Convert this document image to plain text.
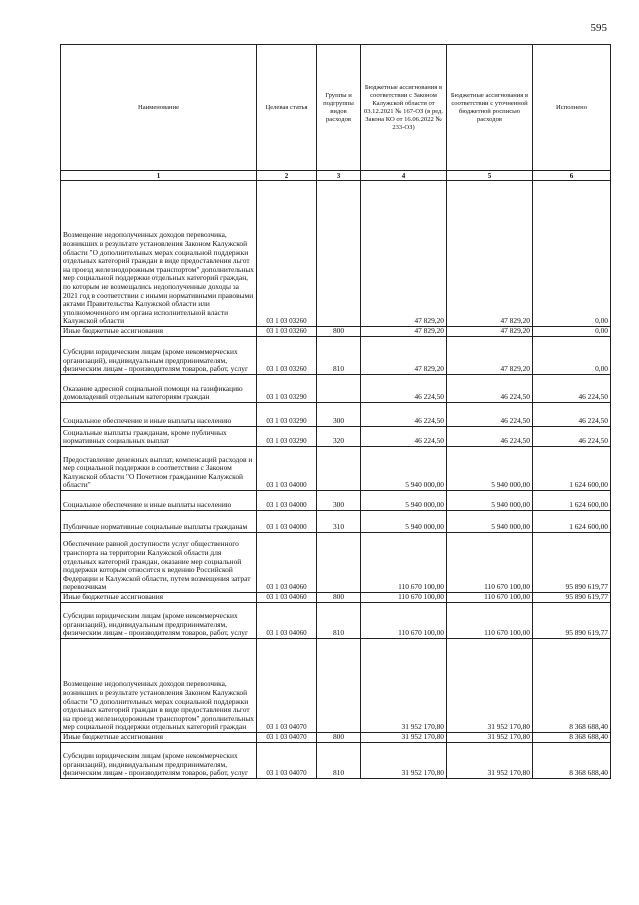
595
Наименование	Целевая статья	Группы и подгруппы видов расходов	Бюджетные ассигнования в соответствии с Законом Калужской области от 03.12.2021 № 167-ОЗ (в ред. Закона КО от 16.06.2022 № 233-ОЗ)	Бюджетные ассигнования в соответствии с уточненной бюджетной росписью расходов	Исполнено
1	2	3	4	5	6
Возмещение недополученных доходов перевозчика, возникших в результате установления Законом Калужской области "О дополнительных мерах социальной поддержки отдельных категорий граждан в виде предоставления льгот на проезд железнодорожным транспортом" дополнительных мер социальной поддержки отдельных категорий граждан, по которым не возмещались недополученные доходы за 2021 год в соответствии с иными нормативными правовыми актами Правительства Калужской области или уполномоченного им органа исполнительной власти Калужской области	03 1 03 03260		47 829,20	47 829,20	0,00
Иные бюджетные ассигнования	03 1 03 03260	800	47 829,20	47 829,20	0,00
Субсидии юридическим лицам (кроме некоммерческих организаций), индивидуальным предпринимателям, физическим лицам - производителям товаров, работ, услуг	03 1 03 03260	810	47 829,20	47 829,20	0,00
Оказание адресной социальной помощи на газификацию домовладений отдельным категориям граждан	03 1 03 03290		46 224,50	46 224,50	46 224,50
Социальное обеспечение и иные выплаты населению	03 1 03 03290	300	46 224,50	46 224,50	46 224,50
Социальные выплаты гражданам, кроме публичных нормативных социальных выплат	03 1 03 03290	320	46 224,50	46 224,50	46 224,50
Предоставление денежных выплат, компенсаций расходов и мер социальной поддержки в соответствии с Законом Калужской области "О Почетном гражданине Калужской области"	03 1 03 04000		5 940 000,00	5 940 000,00	1 624 600,00
Социальное обеспечение и иные выплаты населению	03 1 03 04000	300	5 940 000,00	5 940 000,00	1 624 600,00
Публичные нормативные социальные выплаты гражданам	03 1 03 04000	310	5 940 000,00	5 940 000,00	1 624 600,00
Обеспечение равной доступности услуг общественного транспорта на территории Калужской области для отдельных категорий граждан, оказание мер социальной поддержки которым относится к ведению Российской Федерации и Калужской области, путем возмещения затрат перевозчикам	03 1 03 04060		110 670 100,00	110 670 100,00	95 890 619,77
Иные бюджетные ассигнования	03 1 03 04060	800	110 670 100,00	110 670 100,00	95 890 619,77
Субсидии юридическим лицам (кроме некоммерческих организаций), индивидуальным предпринимателям, физическим лицам - производителям товаров, работ, услуг	03 1 03 04060	810	110 670 100,00	110 670 100,00	95 890 619,77
Возмещение недополученных доходов перевозчика, возникших в результате установления Законом Калужской области "О дополнительных мерах социальной поддержки отдельных категорий граждан в виде предоставления льгот на проезд железнодорожным транспортом" дополнительных мер социальной поддержки отдельных категорий граждан	03 1 03 04070		31 952 170,80	31 952 170,80	8 368 688,40
Иные бюджетные ассигнования	03 1 03 04070	800	31 952 170,80	31 952 170,80	8 368 688,40
Субсидии юридическим лицам (кроме некоммерческих организаций), индивидуальным предпринимателям, физическим лицам - производителям товаров, работ, услуг	03 1 03 04070	810	31 952 170,80	31 952 170,80	8 368 688,40
